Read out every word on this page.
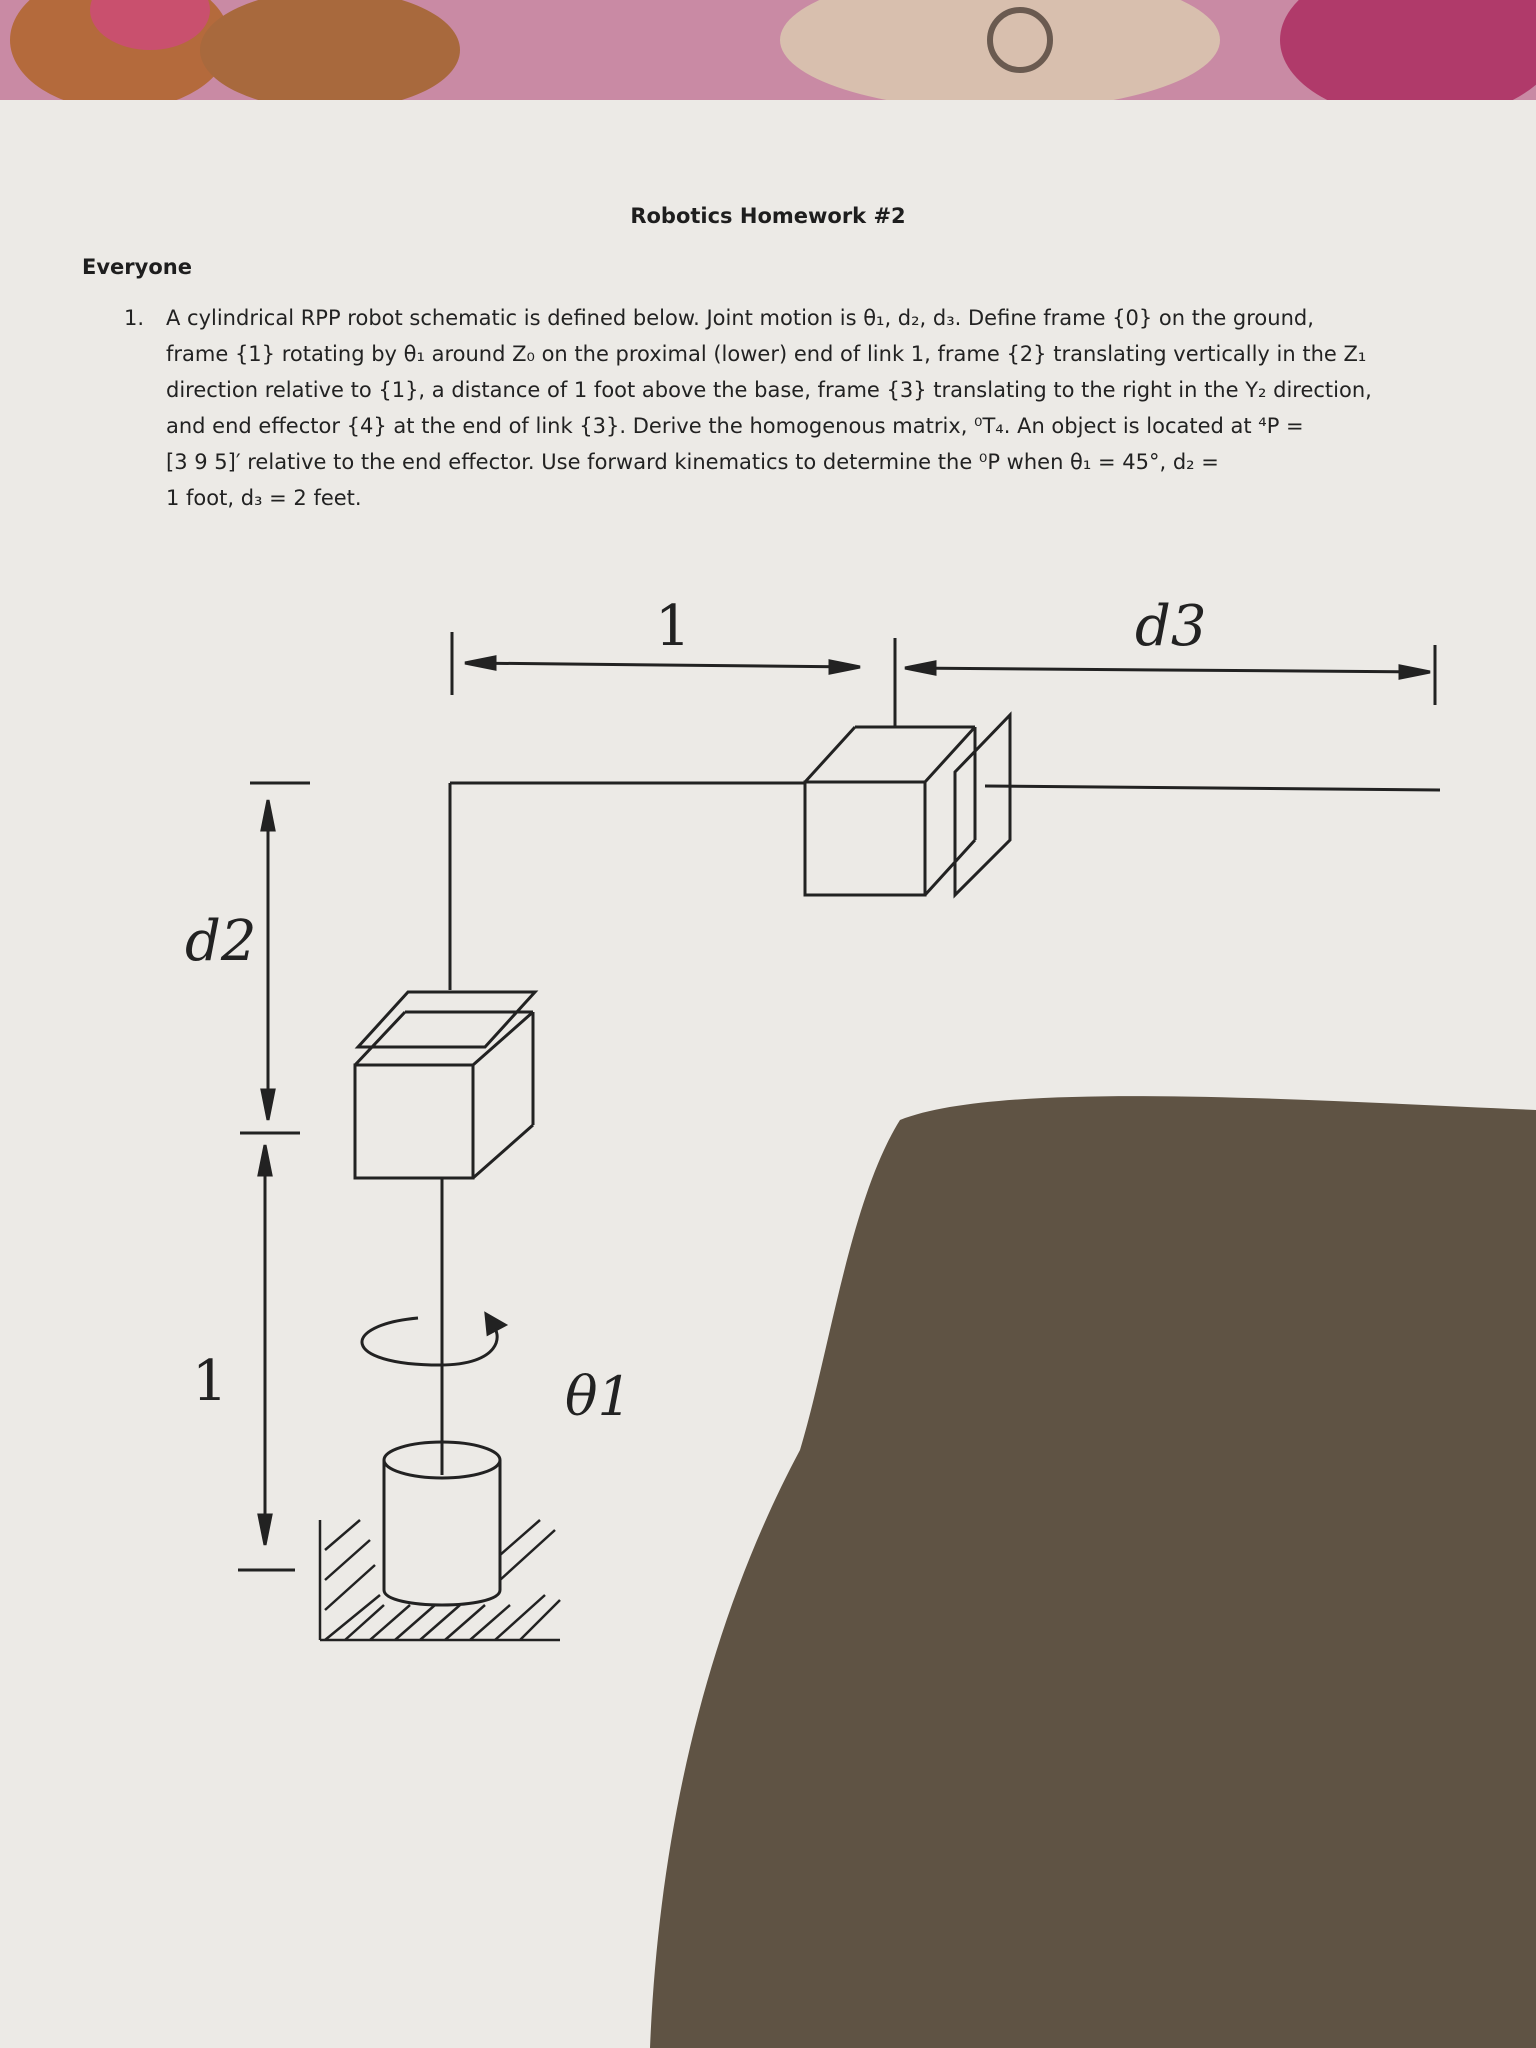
Robotics Homework #2
Everyone
1. A cylindrical RPP robot schematic is defined below. Joint motion is θ₁, d₂, d₃. Define frame {0} on the ground,

frame {1} rotating by θ₁ around Z₀ on the proximal (lower) end of link 1, frame {2} translating vertically in the Z₁

direction relative to {1}, a distance of 1 foot above the base, frame {3} translating to the right in the Y₂ direction,

and end effector {4} at the end of link {3}. Derive the homogenous matrix, ⁰T₄. An object is located at ⁴P =

[3 9 5]′ relative to the end effector. Use forward kinematics to determine the ⁰P when θ₁ = 45°, d₂ =

1 foot, d₃ = 2 feet.

1	d3
θ1
d2
1
